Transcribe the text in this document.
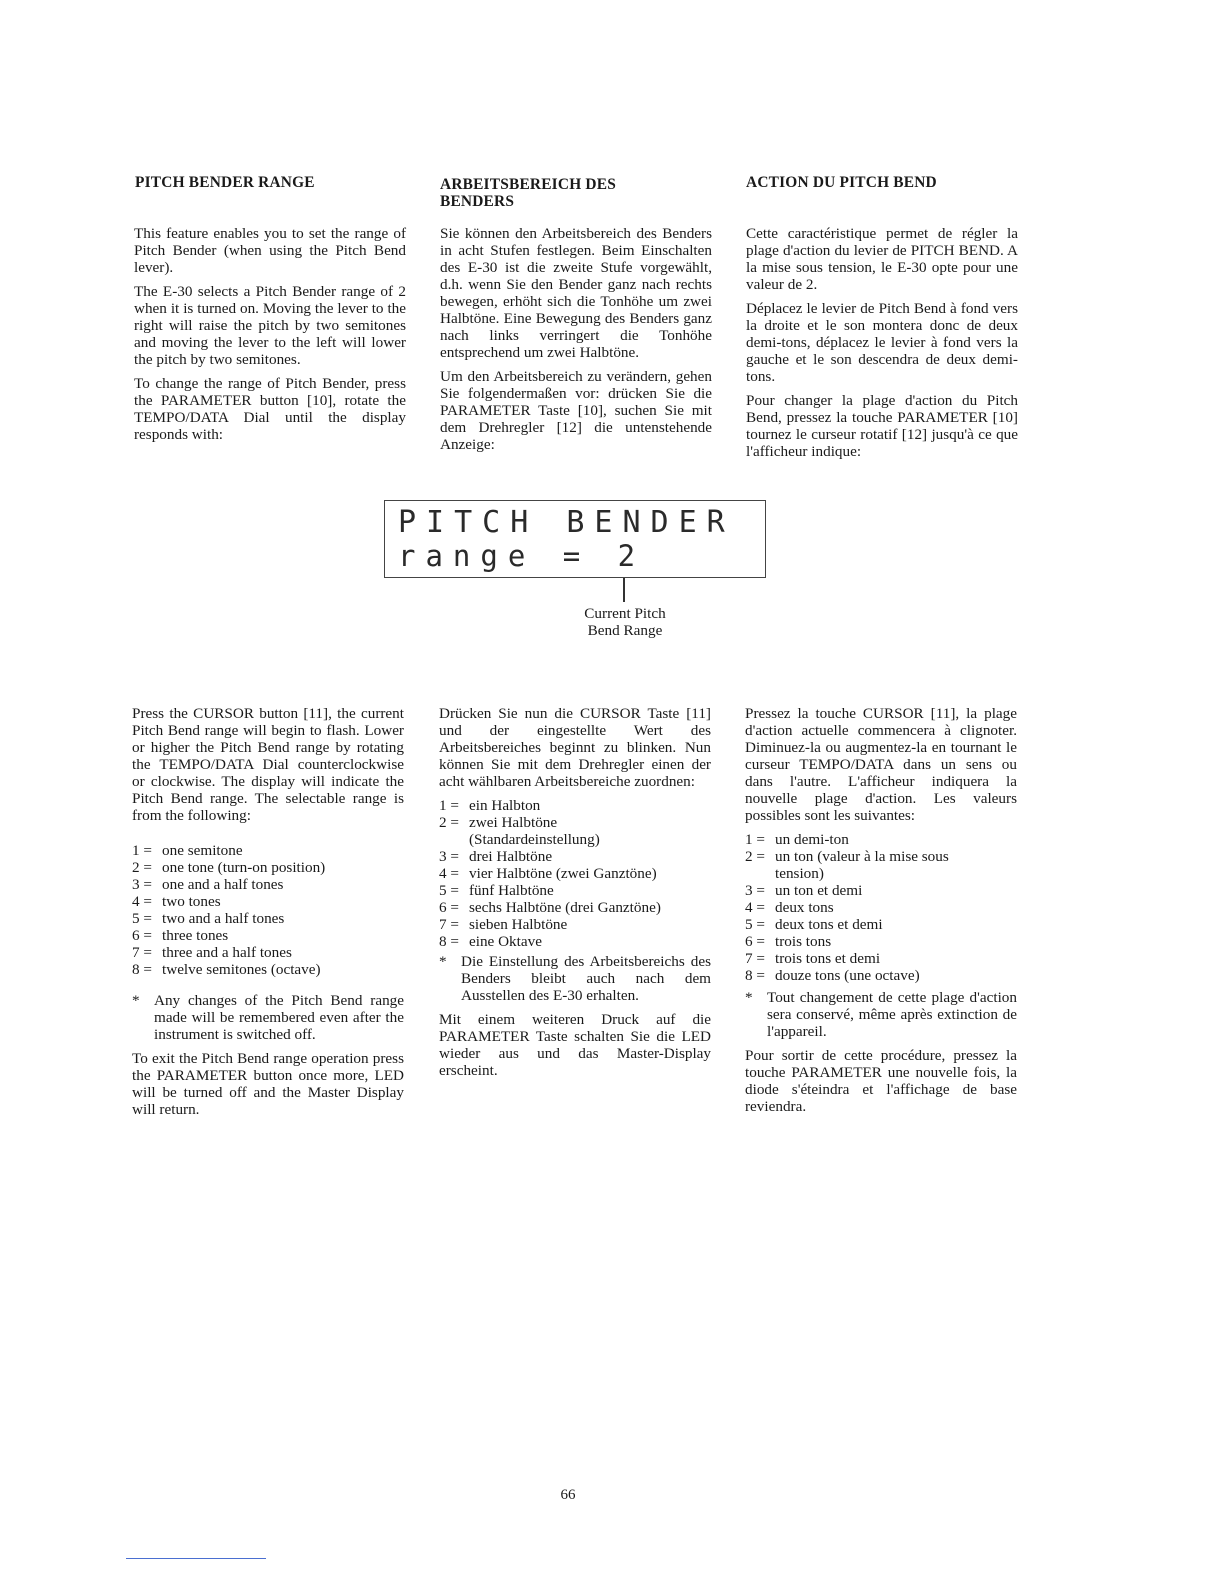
PITCH BENDER RANGE	ARBEITSBEREICH DES
BENDERS
ACTION DU PITCH BEND

This feature enables you to set the range of Pitch Bender (when using the Pitch Bend lever).

The E-30 selects a Pitch Bender range of 2 when it is turned on. Moving the lever to the right will raise the pitch by two semitones and moving the lever to the left will lower the pitch by two semitones.

To change the range of Pitch Bender, press the PARAMETER button [10], rotate the TEMPO/DATA Dial until the display responds with:

Sie können den Arbeitsbereich des Benders in acht Stufen festlegen. Beim Einschalten des E-30 ist die zweite Stufe vorgewählt, d.h. wenn Sie den Bender ganz nach rechts bewegen, erhöht sich die Tonhöhe um zwei Halbtöne. Eine Bewegung des Benders ganz nach links verringert die Tonhöhe entsprechend um zwei Halbtöne.

Um den Arbeitsbereich zu verändern, gehen Sie folgendermaßen vor: drücken Sie die PARAMETER Taste [10], suchen Sie mit dem Drehregler [12] die untenstehende Anzeige:

Cette caractéristique permet de régler la plage d'action du levier de PITCH BEND. A la mise sous tension, le E-30 opte pour une valeur de 2.

Déplacez le levier de Pitch Bend à fond vers la droite et le son montera donc de deux demi-tons, déplacez le levier à fond vers la gauche et le son descendra de deux demi-tons.

Pour changer la plage d'action du Pitch Bend, pressez la touche PARAMETER [10] tournez le curseur rotatif [12] jusqu'à ce que l'afficheur indique:

PITCH BENDER
range = 2
Current Pitch
Bend Range

Press the CURSOR button [11], the current Pitch Bend range will begin to flash. Lower or higher the Pitch Bend range by rotating the TEMPO/DATA Dial counterclockwise or clockwise. The display will indicate the Pitch Bend range. The selectable range is from the following:

1 = one semitone
2 = one tone (turn-on position)
3 = one and a half tones
4 = two tones
5 = two and a half tones
6 = three tones
7 = three and a half tones
8 = twelve semitones (octave)
* Any changes of the Pitch Bend range made will be remembered even after the instrument is switched off.

To exit the Pitch Bend range operation press the PARAMETER button once more, LED will be turned off and the Master Display will return.

Drücken Sie nun die CURSOR Taste [11] und der eingestellte Wert des Arbeitsbereiches beginnt zu blinken. Nun können Sie mit dem Drehregler einen der acht wählbaren Arbeitsbereiche zuordnen:

1 = ein Halbton
2 = zwei Halbtöne (Standardeinstellung)
3 = drei Halbtöne
4 = vier Halbtöne (zwei Ganztöne)
5 = fünf Halbtöne
6 = sechs Halbtöne (drei Ganztöne)
7 = sieben Halbtöne
8 = eine Oktave
* Die Einstellung des Arbeitsbereichs des Benders bleibt auch nach dem Ausstellen des E-30 erhalten.

Mit einem weiteren Druck auf die PARAMETER Taste schalten Sie die LED wieder aus und das Master-Display erscheint.

Pressez la touche CURSOR [11], la plage d'action actuelle commencera à clignoter. Diminuez-la ou augmentez-la en tournant le curseur TEMPO/DATA dans un sens ou dans l'autre. L'afficheur indiquera la nouvelle plage d'action. Les valeurs possibles sont les suivantes:

1 = un demi-ton
2 = un ton (valeur à la mise sous tension)
3 = un ton et demi
4 = deux tons
5 = deux tons et demi
6 = trois tons
7 = trois tons et demi
8 = douze tons (une octave)
* Tout changement de cette plage d'action sera conservé, même après extinction de l'appareil.

Pour sortir de cette procédure, pressez la touche PARAMETER une nouvelle fois, la diode s'éteindra et l'affichage de base reviendra.

66
